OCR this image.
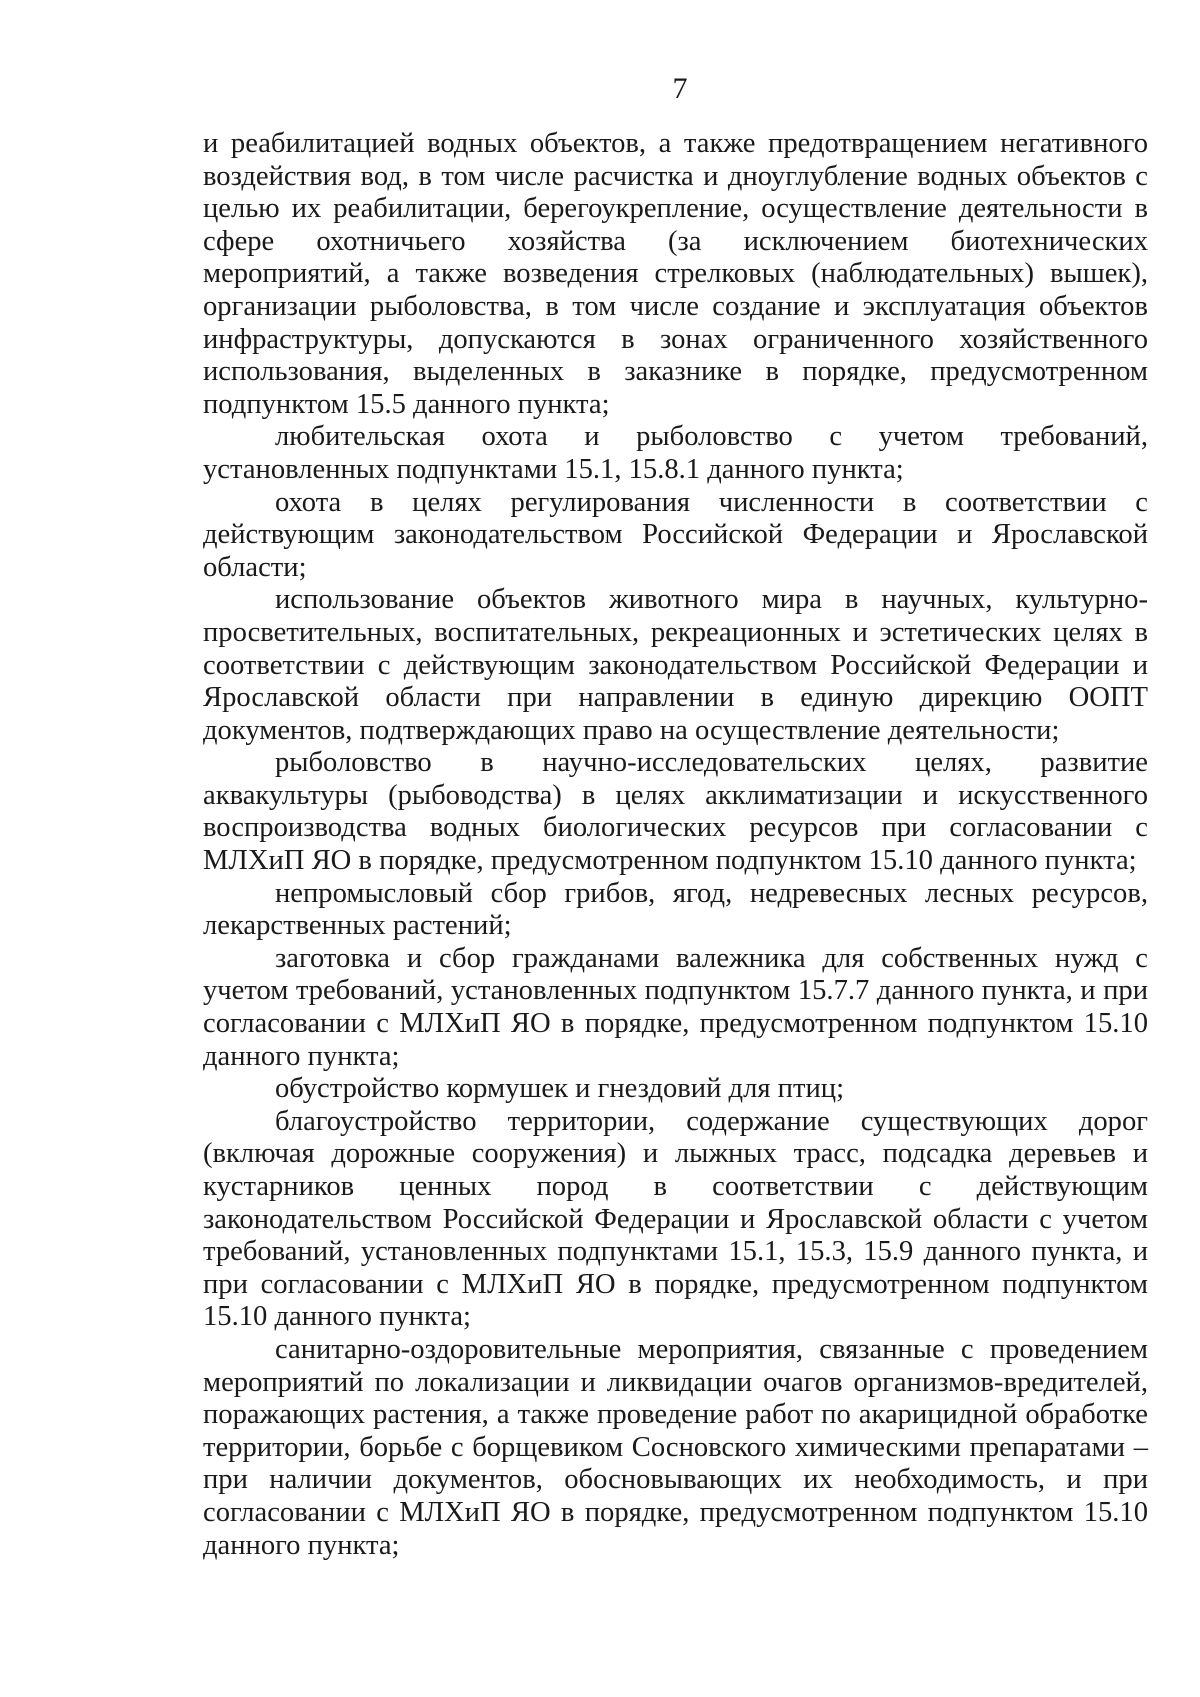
7

и реабилитацией водных объектов, а также предотвращением негативного воздействия вод, в том числе расчистка и дноуглубление водных объектов с целью их реабилитации, берегоукрепление, осуществление деятельности в сфере охотничьего хозяйства (за исключением биотехнических мероприятий, а также возведения стрелковых (наблюдательных) вышек), организации рыболовства, в том числе создание и эксплуатация объектов инфраструктуры, допускаются в зонах ограниченного хозяйственного использования, выделенных в заказнике в порядке, предусмотренном подпунктом 15.5 данного пункта;

любительская охота и рыболовство с учетом требований, установленных подпунктами 15.1, 15.8.1 данного пункта;

охота в целях регулирования численности в соответствии с действующим законодательством Российской Федерации и Ярославской области;

использование объектов животного мира в научных, культурно-просветительных, воспитательных, рекреационных и эстетических целях в соответствии с действующим законодательством Российской Федерации и Ярославской области при направлении в единую дирекцию ООПТ документов, подтверждающих право на осуществление деятельности;

рыболовство в научно-исследовательских целях, развитие аквакультуры (рыбоводства) в целях акклиматизации и искусственного воспроизводства водных биологических ресурсов при согласовании с МЛХиП ЯО в порядке, предусмотренном подпунктом 15.10 данного пункта;

непромысловый сбор грибов, ягод, недревесных лесных ресурсов, лекарственных растений;

заготовка и сбор гражданами валежника для собственных нужд с учетом требований, установленных подпунктом 15.7.7 данного пункта, и при согласовании с МЛХиП ЯО в порядке, предусмотренном подпунктом 15.10 данного пункта;

обустройство кормушек и гнездовий для птиц;

благоустройство территории, содержание существующих дорог (включая дорожные сооружения) и лыжных трасс, подсадка деревьев и кустарников ценных пород в соответствии с действующим законодательством Российской Федерации и Ярославской области с учетом требований, установленных подпунктами 15.1, 15.3, 15.9 данного пункта, и при согласовании с МЛХиП ЯО в порядке, предусмотренном подпунктом 15.10 данного пункта;

санитарно-оздоровительные мероприятия, связанные с проведением мероприятий по локализации и ликвидации очагов организмов-вредителей, поражающих растения, а также проведение работ по акарицидной обработке территории, борьбе с борщевиком Сосновского химическими препаратами – при наличии документов, обосновывающих их необходимость, и при согласовании с МЛХиП ЯО в порядке, предусмотренном подпунктом 15.10 данного пункта;
